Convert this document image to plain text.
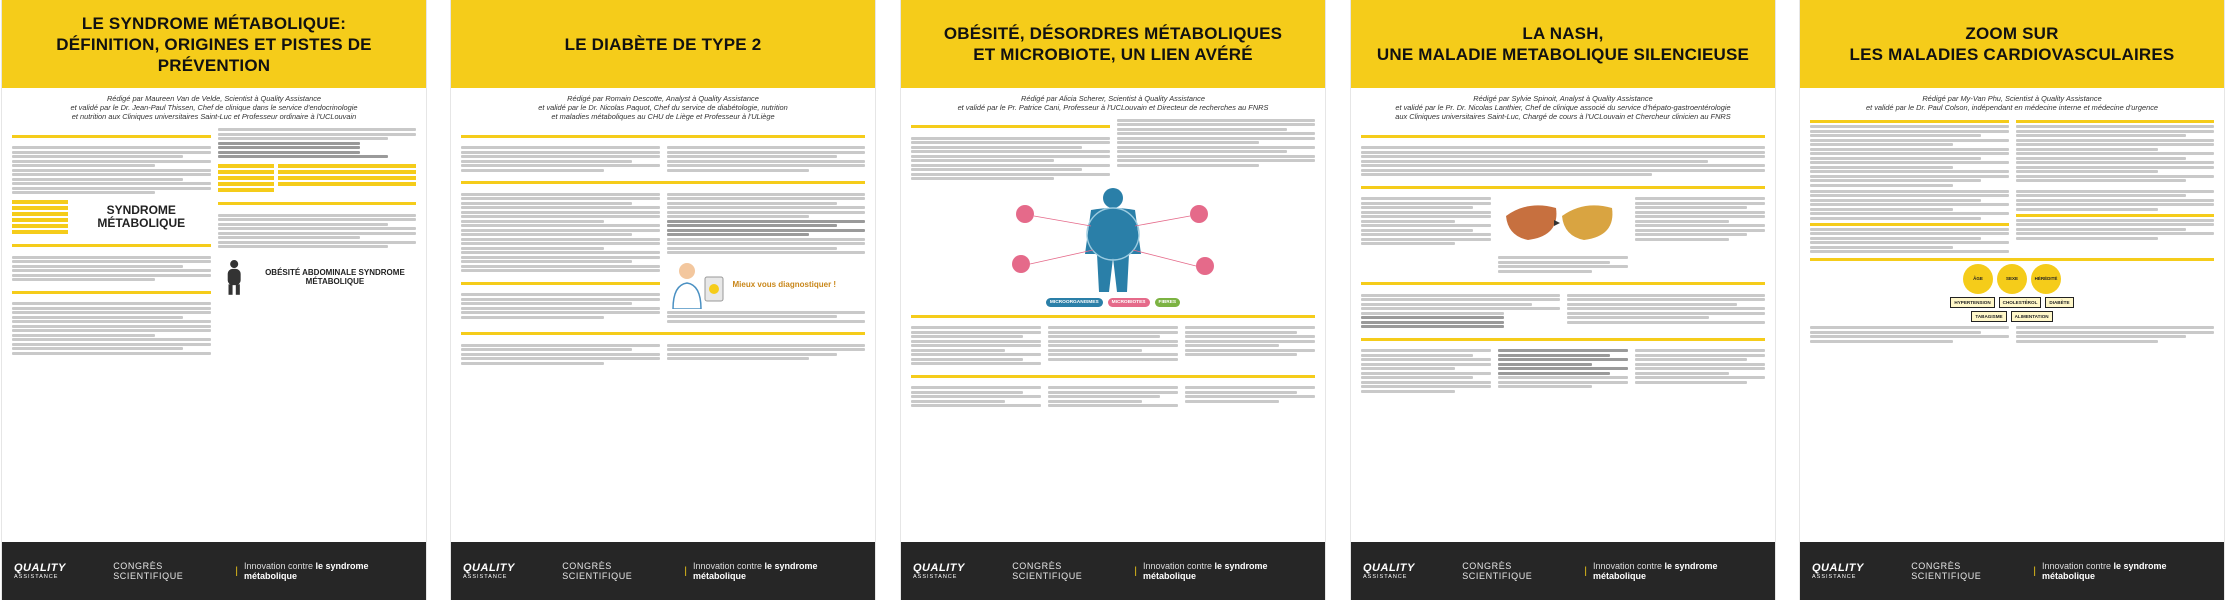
LE SYNDROME MÉTABOLIQUE:
DÉFINITION, ORIGINES ET PISTES DE PRÉVENTION
Rédigé par Maureen Van de Velde, Scientist à Quality Assistance
et validé par le Dr. Jean-Paul Thissen, Chef de clinique dans le service d'endocrinologie
et nutrition aux Cliniques universitaires Saint-Luc et Professeur ordinaire à l'UCLouvain
SYNDROME MÉTABOLIQUE
OBÉSITÉ ABDOMINALE SYNDROME MÉTABOLIQUE
QUALITY
ASSISTANCE
CONGRÈS SCIENTIFIQUE	| Innovation contre le syndrome métabolique
LE DIABÈTE DE TYPE 2
Rédigé par Romain Descotte, Analyst à Quality Assistance
et validé par le Dr. Nicolas Paquot, Chef du service de diabétologie, nutrition
et maladies métaboliques au CHU de Liège et Professeur à l'ULiège
Mieux vous diagnostiquer !
QUALITY
ASSISTANCE
CONGRÈS SCIENTIFIQUE	| Innovation contre le syndrome métabolique
OBÉSITÉ, DÉSORDRES MÉTABOLIQUES
ET MICROBIOTE, UN LIEN AVÉRÉ
Rédigé par Alicia Scherer, Scientist à Quality Assistance
et validé par le Pr. Patrice Cani, Professeur à l'UCLouvain et Directeur de recherches au FNRS
MICROORGANISMES	MICROBIOTES	FIBRES
QUALITY
ASSISTANCE
CONGRÈS SCIENTIFIQUE	| Innovation contre le syndrome métabolique
LA NASH,
UNE MALADIE METABOLIQUE SILENCIEUSE
Rédigé par Sylvie Spinoit, Analyst à Quality Assistance
et validé par le Pr. Dr. Nicolas Lanthier, Chef de clinique associé du service d'hépato-gastroentérologie
aux Cliniques universitaires Saint-Luc, Chargé de cours à l'UCLouvain et Chercheur clinicien au FNRS
QUALITY
ASSISTANCE
CONGRÈS SCIENTIFIQUE	| Innovation contre le syndrome métabolique
ZOOM SUR
LES MALADIES CARDIOVASCULAIRES
Rédigé par My-Van Phu, Scientist à Quality Assistance
et validé par le Dr. Paul Colson, indépendant en médecine interne et médecine d'urgence
ÂGE	SEXE	HÉRÉDITÉ
HYPERTENSION	CHOLESTÉROL	DIABÈTE
TABAGISME	ALIMENTATION
QUALITY
ASSISTANCE
CONGRÈS SCIENTIFIQUE	| Innovation contre le syndrome métabolique
